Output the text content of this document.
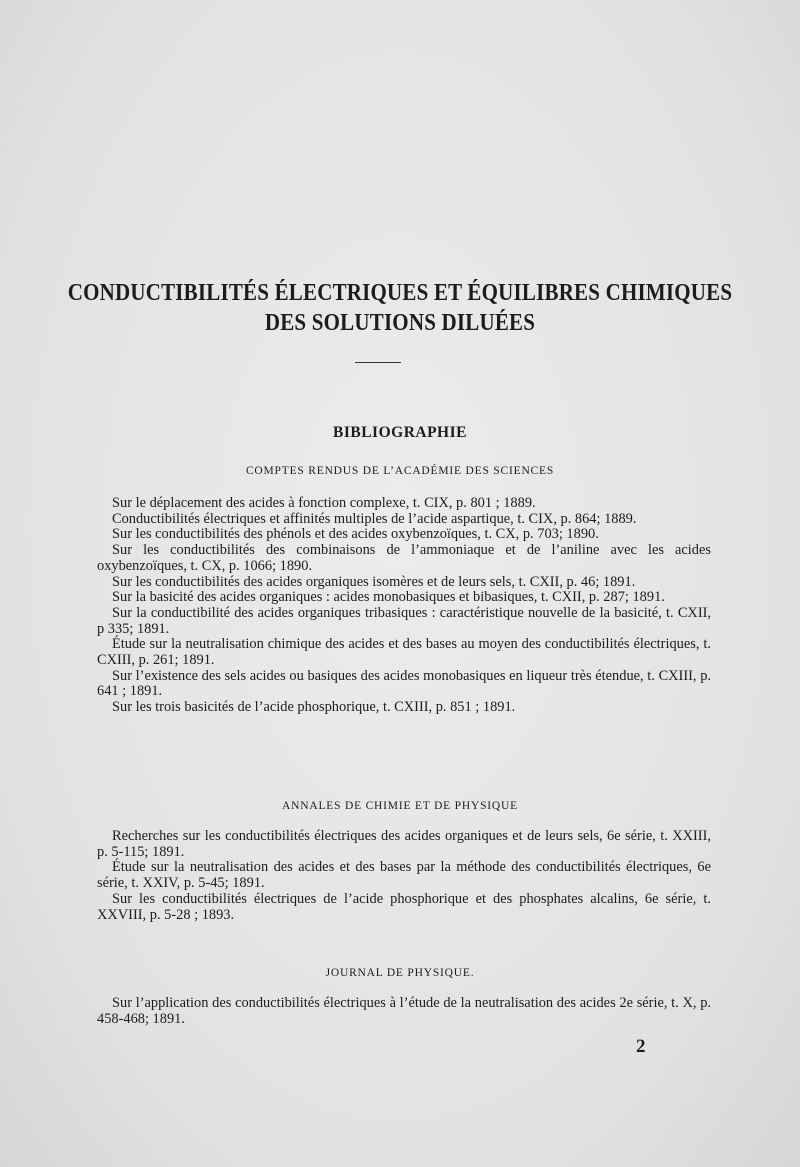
CONDUCTIBILITÉS ÉLECTRIQUES ET ÉQUILIBRES CHIMIQUES
DES SOLUTIONS DILUÉES
BIBLIOGRAPHIE
COMPTES RENDUS DE L’ACADÉMIE DES SCIENCES

Sur le déplacement des acides à fonction complexe, t. CIX, p. 801 ; 1889.

Conductibilités électriques et affinités multiples de l’acide aspartique, t. CIX, p. 864; 1889.

Sur les conductibilités des phénols et des acides oxybenzoïques, t. CX, p. 703; 1890.

Sur les conductibilités des combinaisons de l’ammoniaque et de l’aniline avec les acides oxybenzoïques, t. CX, p. 1066; 1890.

Sur les conductibilités des acides organiques isomères et de leurs sels, t. CXII, p. 46; 1891.

Sur la basicité des acides organiques : acides monobasiques et bibasiques, t. CXII, p. 287; 1891.

Sur la conductibilité des acides organiques tribasiques : caractéristique nouvelle de la basicité, t. CXII, p 335; 1891.

Étude sur la neutralisation chimique des acides et des bases au moyen des conductibilités électriques, t. CXIII, p. 261; 1891.

Sur l’existence des sels acides ou basiques des acides monobasiques en liqueur très étendue, t. CXIII, p. 641 ; 1891.

Sur les trois basicités de l’acide phosphorique, t. CXIII, p. 851 ; 1891.

ANNALES DE CHIMIE ET DE PHYSIQUE

Recherches sur les conductibilités électriques des acides organiques et de leurs sels, 6e série, t. XXIII, p. 5-115; 1891.

Étude sur la neutralisation des acides et des bases par la méthode des conductibilités électriques, 6e série, t. XXIV, p. 5-45; 1891.

Sur les conductibilités électriques de l’acide phosphorique et des phosphates alcalins, 6e série, t. XXVIII, p. 5-28 ; 1893.

JOURNAL DE PHYSIQUE.

Sur l’application des conductibilités électriques à l’étude de la neutralisation des acides 2e série, t. X, p. 458-468; 1891.

2
